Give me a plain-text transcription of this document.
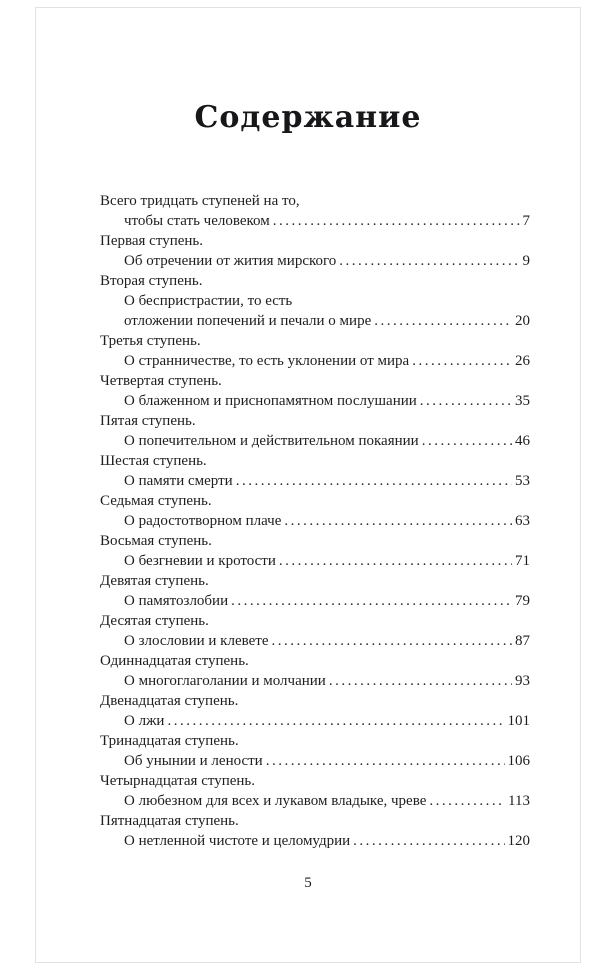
Содержание
Всего тридцать ступеней на то,
чтобы стать человеком .....	7
Первая ступень.
Об отречении от жития мирского .....	9
Вторая ступень.
О беспристрастии, то есть
отложении попечений и печали о мире .....	20
Третья ступень.
О странничестве, то есть уклонении от мира .....	26
Четвертая ступень.
О блаженном и приснопамятном послушании .....	35
Пятая ступень.
О попечительном и действительном покаянии .....	46
Шестая ступень.
О памяти смерти .....	53
Седьмая ступень.
О радостотворном плаче .....	63
Восьмая ступень.
О безгневии и кротости .....	71
Девятая ступень.
О памятозлобии .....	79
Десятая ступень.
О злословии и клевете .....	87
Одиннадцатая ступень.
О многоглаголании и молчании .....	93
Двенадцатая ступень.
О лжи .....	101
Тринадцатая ступень.
Об унынии и лености .....	106
Четырнадцатая ступень.
О любезном для всех и лукавом владыке, чреве .....	113
Пятнадцатая ступень.
О нетленной чистоте и целомудрии .....	120
5
